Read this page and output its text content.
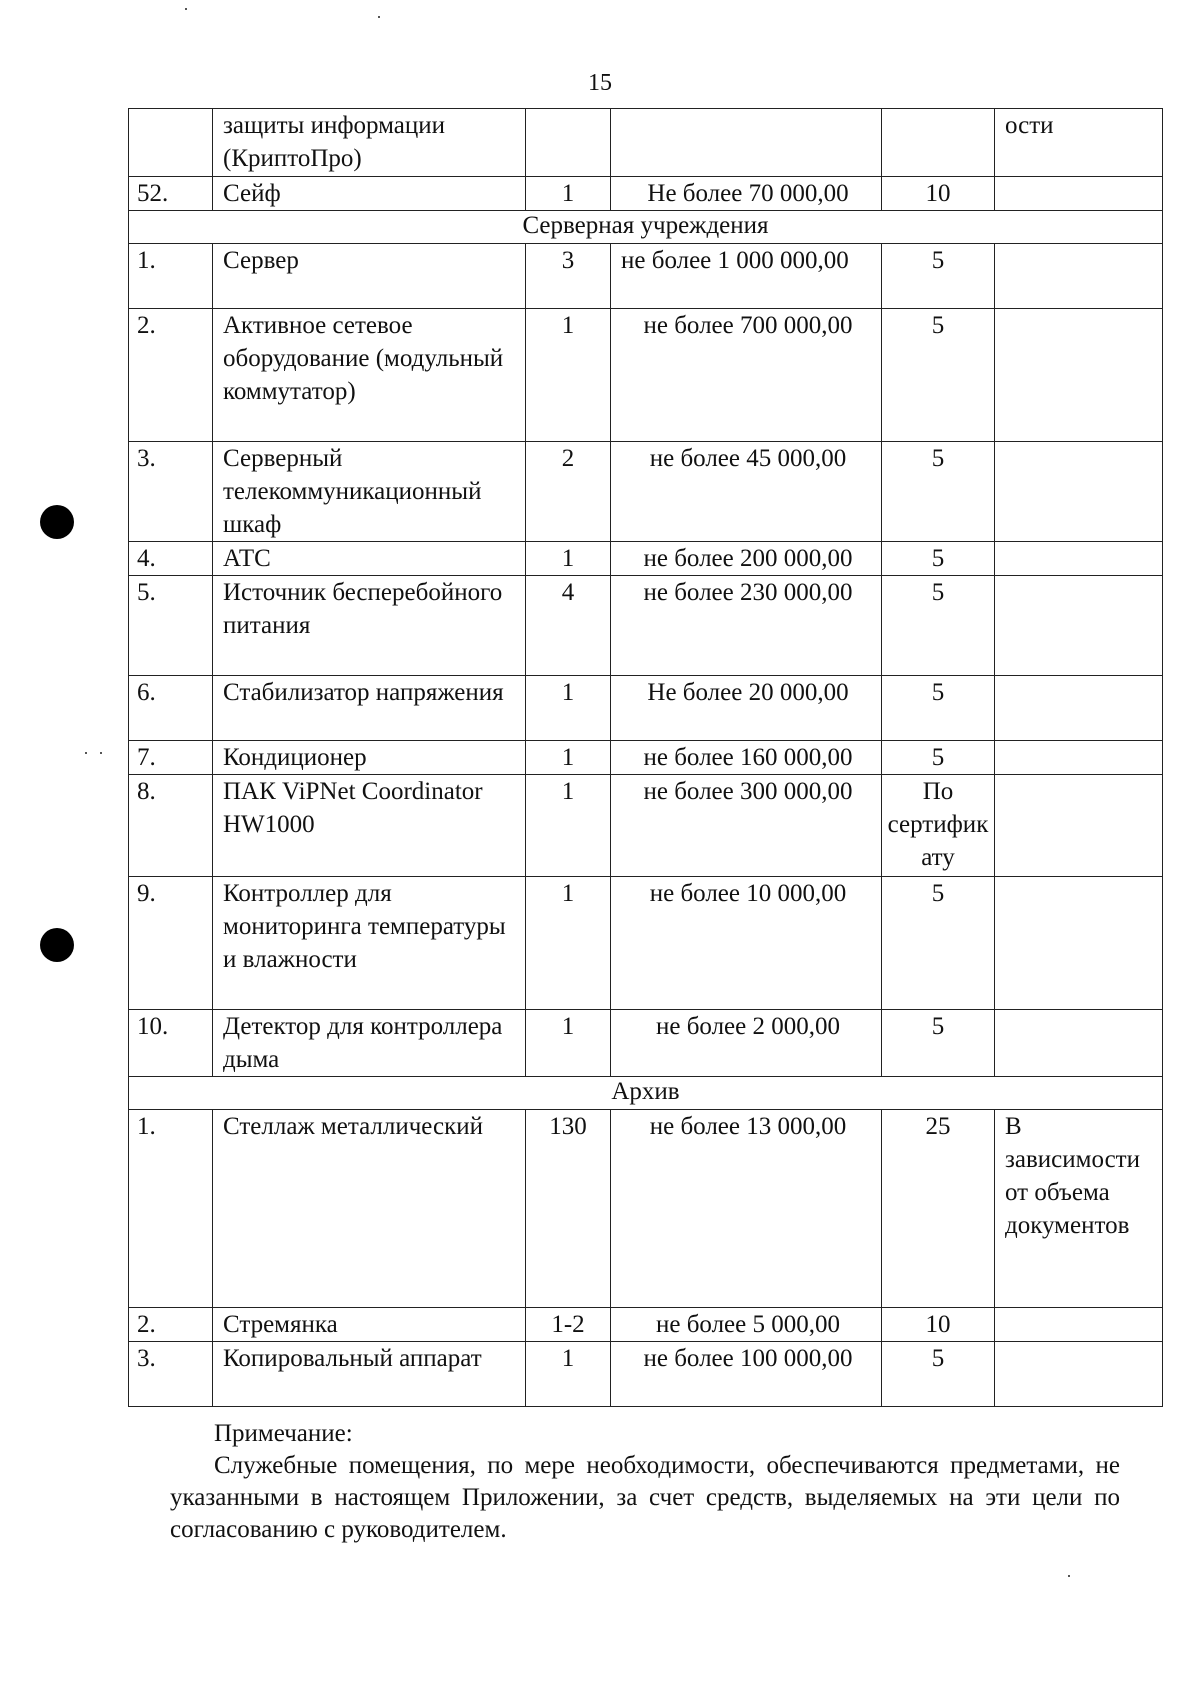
15
	защиты информации (КриптоПро)				ости
52.	Сейф	1	Не более 70 000,00	10	
Серверная учреждения					
1.	Сервер	3	не более 1 000 000,00	5	
2.	Активное сетевое оборудование (модульный коммутатор)	1	не более 700 000,00	5	
3.	Серверный телекоммуникационный шкаф	2	не более 45 000,00	5	
4.	АТС	1	не более 200 000,00	5	
5.	Источник бесперебойного питания	4	не более 230 000,00	5	
6.	Стабилизатор напряжения	1	Не более 20 000,00	5	
7.	Кондиционер	1	не более 160 000,00	5	
8.	ПАК ViPNet Coordinator HW1000	1	не более 300 000,00	По сертификату	
9.	Контроллер для мониторинга температуры и влажности	1	не более 10 000,00	5	
10.	Детектор для контроллера дыма	1	не более 2 000,00	5	
Архив					
1.	Стеллаж металлический	130	не более 13 000,00	25	В зависимости от объема документов
2.	Стремянка	1-2	не более 5 000,00	10	
3.	Копировальный аппарат	1	не более 100 000,00	5	
Примечание:

Служебные помещения, по мере необходимости, обеспечиваются предметами, не указанными в настоящем Приложении, за счет средств, выделяемых на эти цели по согласованию с руководителем.
